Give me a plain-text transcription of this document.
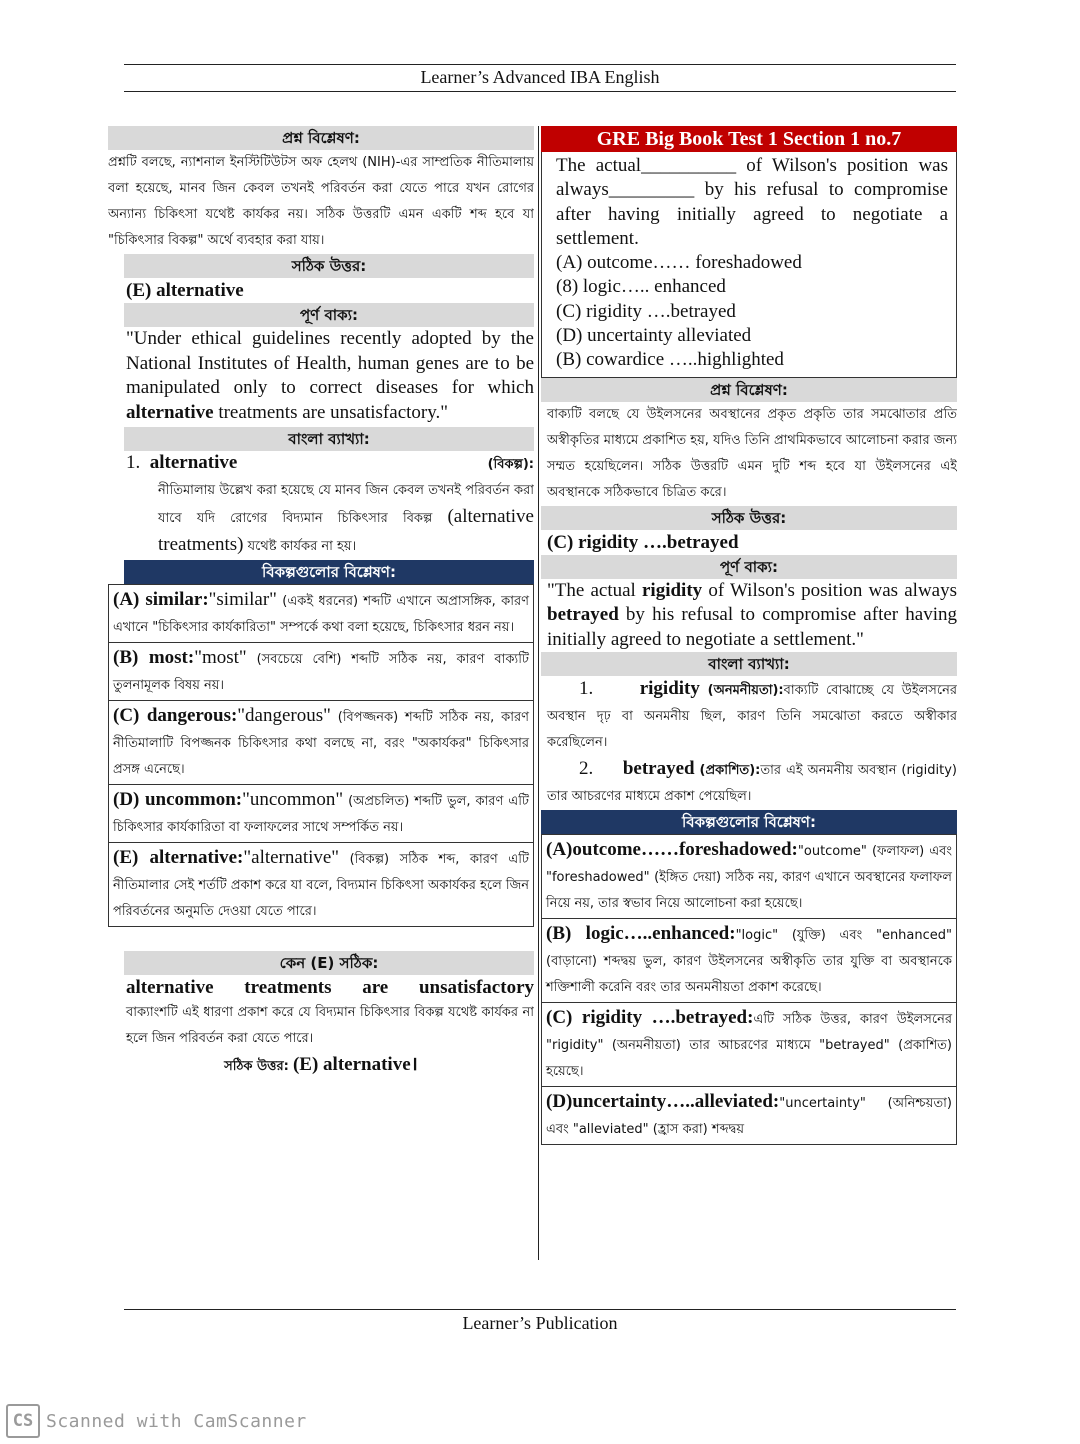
Learner’s Advanced IBA English
প্রশ্ন বিশ্লেষণ:

প্রশ্নটি বলছে, ন্যাশনাল ইনস্টিটিউটস অফ হেলথ (NIH)-এর সাম্প্রতিক নীতিমালায় বলা হয়েছে, মানব জিন কেবল তখনই পরিবর্তন করা যেতে পারে যখন রোগের অন্যান্য চিকিৎসা যথেষ্ট কার্যকর নয়। সঠিক উত্তরটি এমন একটি শব্দ হবে যা "চিকিৎসার বিকল্প" অর্থে ব্যবহার করা যায়।

সঠিক উত্তর:

(E) alternative

পূর্ণ বাক্য:

"Under ethical guidelines recently adopted by the National Institutes of Health, human genes are to be manipulated only to correct diseases for which alternative treatments are unsatisfactory."

বাংলা ব্যাখ্যা:
1. alternative	(বিকল্প):

নীতিমালায় উল্লেখ করা হয়েছে যে মানব জিন কেবল তখনই পরিবর্তন করা যাবে যদি রোগের বিদ্যমান চিকিৎসার বিকল্প (alternative treatments) যথেষ্ট কার্যকর না হয়।

বিকল্পগুলোর বিশ্লেষণ:

(A) similar:"similar" (একই ধরনের) শব্দটি এখানে অপ্রাসঙ্গিক, কারণ এখানে "চিকিৎসার কার্যকারিতা" সম্পর্কে কথা বলা হয়েছে, চিকিৎসার ধরন নয়।

(B) most:"most" (সবচেয়ে বেশি) শব্দটি সঠিক নয়, কারণ বাক্যটি তুলনামূলক বিষয় নয়।

(C) dangerous:"dangerous" (বিপজ্জনক) শব্দটি সঠিক নয়, কারণ নীতিমালাটি বিপজ্জনক চিকিৎসার কথা বলছে না, বরং "অকার্যকর" চিকিৎসার প্রসঙ্গ এনেছে।

(D) uncommon:"uncommon" (অপ্রচলিত) শব্দটি ভুল, কারণ এটি চিকিৎসার কার্যকারিতা বা ফলাফলের সাথে সম্পর্কিত নয়।

(E) alternative:"alternative" (বিকল্প) সঠিক শব্দ, কারণ এটি নীতিমালার সেই শর্তটি প্রকাশ করে যা বলে, বিদ্যমান চিকিৎসা অকার্যকর হলে জিন পরিবর্তনের অনুমতি দেওয়া যেতে পারে।

কেন (E) সঠিক:

alternative treatments are unsatisfactory

বাক্যাংশটি এই ধারণা প্রকাশ করে যে বিদ্যমান চিকিৎসার বিকল্প যথেষ্ট কার্যকর না হলে জিন পরিবর্তন করা যেতে পারে।

সঠিক উত্তর: (E) alternative।

GRE Big Book Test 1 Section 1 no.7

The actual__________ of Wilson's position was always_________ by his refusal to compromise after having initially agreed to negotiate a settlement.

(A) outcome…… foreshadowed

(8) logic….. enhanced

(C) rigidity ….betrayed

(D) uncertainty alleviated

(B) cowardice …..highlighted

প্রশ্ন বিশ্লেষণ:

বাক্যটি বলছে যে উইলসনের অবস্থানের প্রকৃত প্রকৃতি তার সমঝোতার প্রতি অস্বীকৃতির মাধ্যমে প্রকাশিত হয়, যদিও তিনি প্রাথমিকভাবে আলোচনা করার জন্য সম্মত হয়েছিলেন। সঠিক উত্তরটি এমন দুটি শব্দ হবে যা উইলসনের এই অবস্থানকে সঠিকভাবে চিত্রিত করে।

সঠিক উত্তর:

(C) rigidity ….betrayed

পূর্ণ বাক্য:

"The actual rigidity of Wilson's position was always betrayed by his refusal to compromise after having initially agreed to negotiate a settlement."

বাংলা ব্যাখ্যা:

1. rigidity (অনমনীয়তা):বাক্যটি বোঝাচ্ছে যে উইলসনের অবস্থান দৃঢ় বা অনমনীয় ছিল, কারণ তিনি সমঝোতা করতে অস্বীকার করেছিলেন।

2. betrayed (প্রকাশিত):তার এই অনমনীয় অবস্থান (rigidity) তার আচরণের মাধ্যমে প্রকাশ পেয়েছিল।

বিকল্পগুলোর বিশ্লেষণ:

(A)outcome……foreshadowed:"outcome" (ফলাফল) এবং "foreshadowed" (ইঙ্গিত দেয়া) সঠিক নয়, কারণ এখানে অবস্থানের ফলাফল নিয়ে নয়, তার স্বভাব নিয়ে আলোচনা করা হয়েছে।

(B) logic…..enhanced:"logic" (যুক্তি) এবং "enhanced" (বাড়ানো) শব্দদ্বয় ভুল, কারণ উইলসনের অস্বীকৃতি তার যুক্তি বা অবস্থানকে শক্তিশালী করেনি বরং তার অনমনীয়তা প্রকাশ করেছে।

(C) rigidity ….betrayed:এটি সঠিক উত্তর, কারণ উইলসনের "rigidity" (অনমনীয়তা) তার আচরণের মাধ্যমে "betrayed" (প্রকাশিত) হয়েছে।

(D)uncertainty…..alleviated:"uncertainty" (অনিশ্চয়তা) এবং "alleviated" (হ্রাস করা) শব্দদ্বয়

Learner’s Publication
CS Scanned with CamScanner
